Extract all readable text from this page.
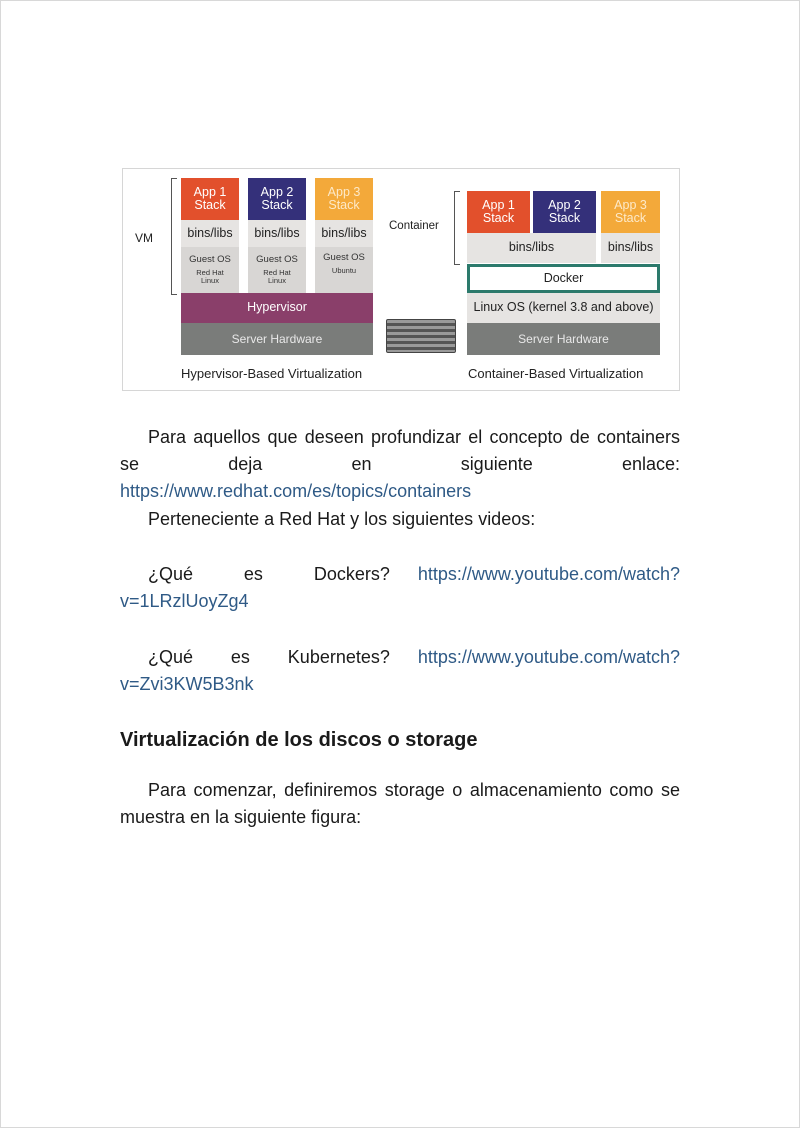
VM
App 1
Stack
App 2
Stack
App 3
Stack
bins/libs	bins/libs	bins/libs
Guest OS
Red Hat
Linux
Guest OS
Red Hat
Linux
Guest OS
Ubuntu
Hypervisor
Server Hardware
Hypervisor-Based Virtualization
Container
App 1
Stack
App 2
Stack
App 3
Stack
bins/libs	bins/libs
Docker
Linux OS (kernel 3.8 and above)
Server Hardware
Container-Based Virtualization
Para aquellos que deseen profundizar el concepto de containers
se deja en siguiente enlace:
https://www.redhat.com/es/topics/containers
Perteneciente a Red Hat y los siguientes videos:
¿Qué es Dockers?	https://www.youtube.com/watch?
v=1LRzlUoyZg4
¿Qué es Kubernetes?	https://www.youtube.com/watch?
v=Zvi3KW5B3nk
Virtualización de los discos o storage
Para comenzar, definiremos storage o almacenamiento como se
muestra en la siguiente figura:
